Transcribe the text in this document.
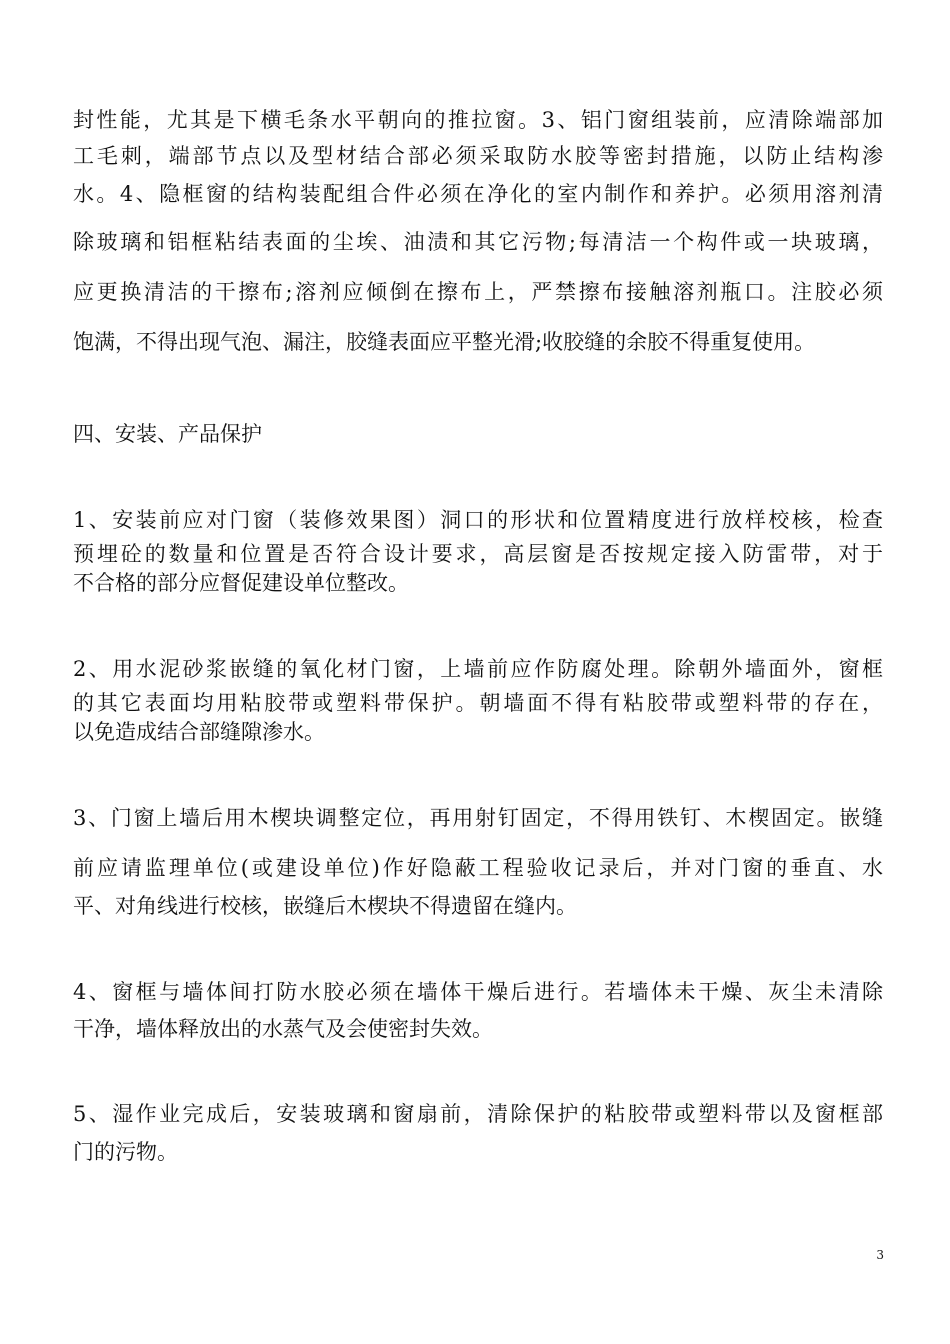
封性能，尤其是下横毛条水平朝向的推拉窗。3、铝门窗组装前，应清除端部加
工毛刺，端部节点以及型材结合部必须采取防水胶等密封措施，以防止结构渗
水。4、隐框窗的结构装配组合件必须在净化的室内制作和养护。必须用溶剂清
除玻璃和铝框粘结表面的尘埃、油渍和其它污物;每清洁一个构件或一块玻璃，
应更换清洁的干擦布;溶剂应倾倒在擦布上，严禁擦布接触溶剂瓶口。注胶必须
饱满，不得出现气泡、漏注，胶缝表面应平整光滑;收胶缝的余胶不得重复使用。
四、安装、产品保护
1、安装前应对门窗（装修效果图）洞口的形状和位置精度进行放样校核，检查
预埋砼的数量和位置是否符合设计要求，高层窗是否按规定接入防雷带，对于
不合格的部分应督促建设单位整改。
2、用水泥砂浆嵌缝的氧化材门窗，上墙前应作防腐处理。除朝外墙面外，窗框
的其它表面均用粘胶带或塑料带保护。朝墙面不得有粘胶带或塑料带的存在，
以免造成结合部缝隙渗水。
3、门窗上墙后用木楔块调整定位，再用射钉固定，不得用铁钉、木楔固定。嵌缝
前应请监理单位(或建设单位)作好隐蔽工程验收记录后，并对门窗的垂直、水
平、对角线进行校核，嵌缝后木楔块不得遗留在缝内。
4、窗框与墙体间打防水胶必须在墙体干燥后进行。若墙体未干燥、灰尘未清除
干净，墙体释放出的水蒸气及会使密封失效。
5、湿作业完成后，安装玻璃和窗扇前，清除保护的粘胶带或塑料带以及窗框部
门的污物。
3
